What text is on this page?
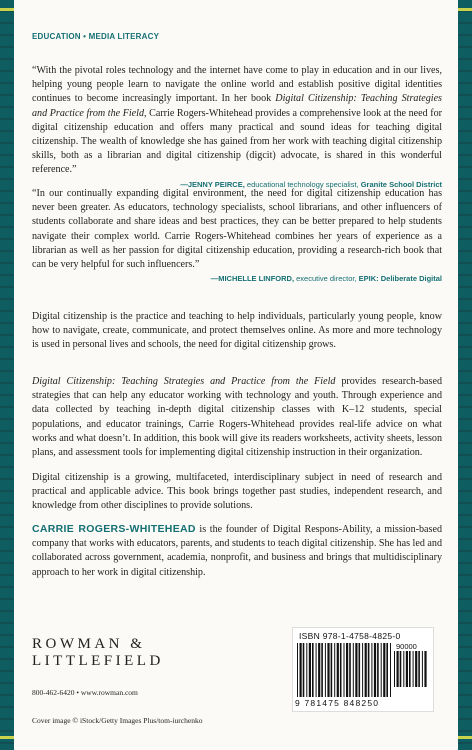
EDUCATION • MEDIA LITERACY

“With the pivotal roles technology and the internet have come to play in education and in our lives, helping young people learn to navigate the online world and establish positive digital identities continues to become increasingly important. In her book Digital Citizenship: Teaching Strategies and Practice from the Field, Carrie Rogers-Whitehead provides a comprehensive look at the need for digital citizenship education and offers many practical and sound ideas for teaching digital citizenship. The wealth of knowledge she has gained from her work with teaching digital citizenship skills, both as a librarian and digital citizenship (digcit) advocate, is shared in this wonderful reference.”
—JENNY PEIRCE, educational technology specialist, Granite School District

“In our continually expanding digital environment, the need for digital citizenship education has never been greater. As educators, technology specialists, school librarians, and other influencers of students collaborate and share ideas and best practices, they can be better prepared to help students navigate their complex world. Carrie Rogers-Whitehead combines her years of experience as a librarian as well as her passion for digital citizenship education, providing a research-rich book that can be very helpful for such influencers.”
—MICHELLE LINFORD, executive director, EPIK: Deliberate Digital

Digital citizenship is the practice and teaching to help individuals, particularly young people, know how to navigate, create, communicate, and protect themselves online. As more and more technology is used in personal lives and schools, the need for digital citizenship grows.

Digital Citizenship: Teaching Strategies and Practice from the Field provides research-based strategies that can help any educator working with technology and youth. Through experience and data collected by teaching in-depth digital citizenship classes with K–12 students, special populations, and educator trainings, Carrie Rogers-Whitehead provides real-life advice on what works and what doesn’t. In addition, this book will give its readers worksheets, activity sheets, lesson plans, and assessment tools for implementing digital citizenship instruction in their organization.

Digital citizenship is a growing, multifaceted, interdisciplinary subject in need of research and practical and applicable advice. This book brings together past studies, independent research, and knowledge from other disciplines to provide solutions.

CARRIE ROGERS-WHITEHEAD is the founder of Digital Respons-Ability, a mission-based company that works with educators, parents, and students to teach digital citizenship. She has led and collaborated across government, academia, nonprofit, and business and brings that multidisciplinary approach to her work in digital citizenship.

ROWMAN &
LITTLEFIELD
800-462-6420 • www.rowman.com
Cover image © iStock/Getty Images Plus/tom-iurchenko
ISBN 978-1-4758-4825-0
90000
9 781475 848250
